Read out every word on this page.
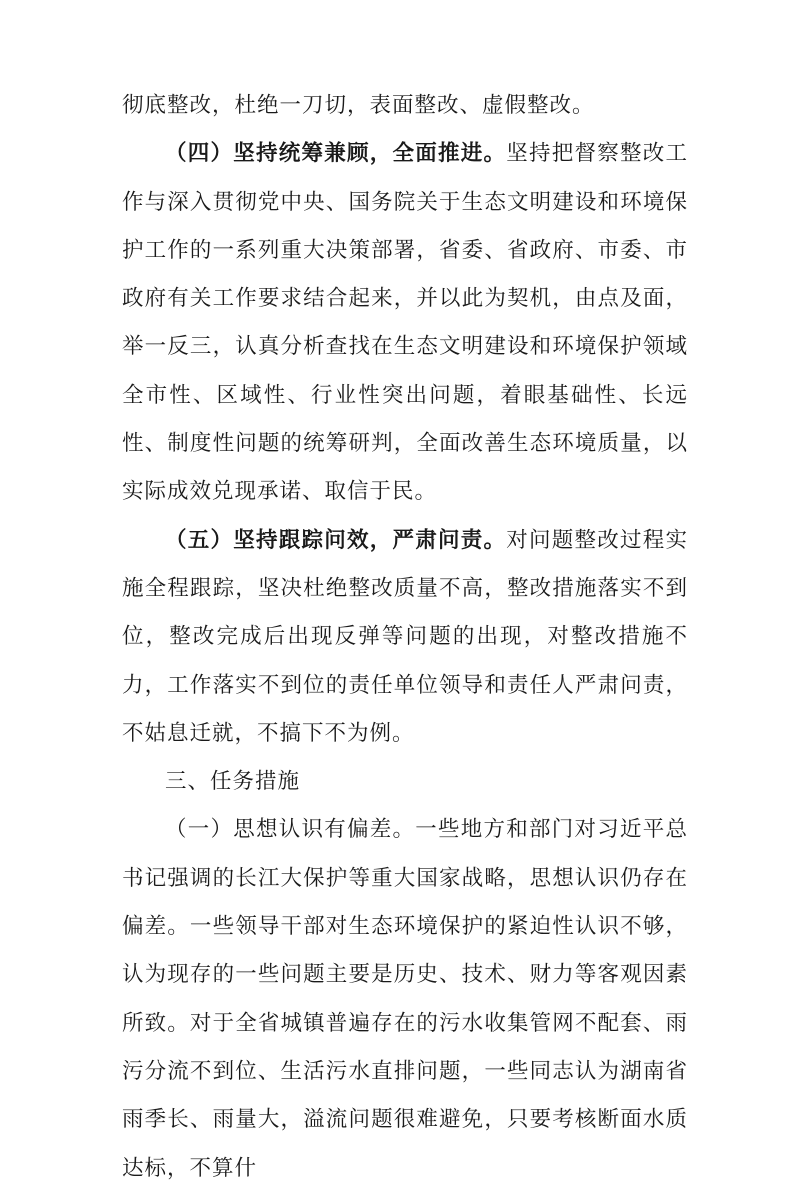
彻底整改，杜绝一刀切，表面整改、虚假整改。

（四）坚持统筹兼顾，全面推进。坚持把督察整改工作与深入贯彻党中央、国务院关于生态文明建设和环境保护工作的一系列重大决策部署，省委、省政府、市委、市政府有关工作要求结合起来，并以此为契机，由点及面，举一反三，认真分析查找在生态文明建设和环境保护领域全市性、区域性、行业性突出问题，着眼基础性、长远性、制度性问题的统筹研判，全面改善生态环境质量，以实际成效兑现承诺、取信于民。

（五）坚持跟踪问效，严肃问责。对问题整改过程实施全程跟踪，坚决杜绝整改质量不高，整改措施落实不到位，整改完成后出现反弹等问题的出现，对整改措施不力，工作落实不到位的责任单位领导和责任人严肃问责，不姑息迁就，不搞下不为例。

三、任务措施

（一）思想认识有偏差。一些地方和部门对习近平总书记强调的长江大保护等重大国家战略，思想认识仍存在偏差。一些领导干部对生态环境保护的紧迫性认识不够，认为现存的一些问题主要是历史、技术、财力等客观因素所致。对于全省城镇普遍存在的污水收集管网不配套、雨污分流不到位、生活污水直排问题，一些同志认为湖南省雨季长、雨量大，溢流问题很难避免，只要考核断面水质达标，不算什
